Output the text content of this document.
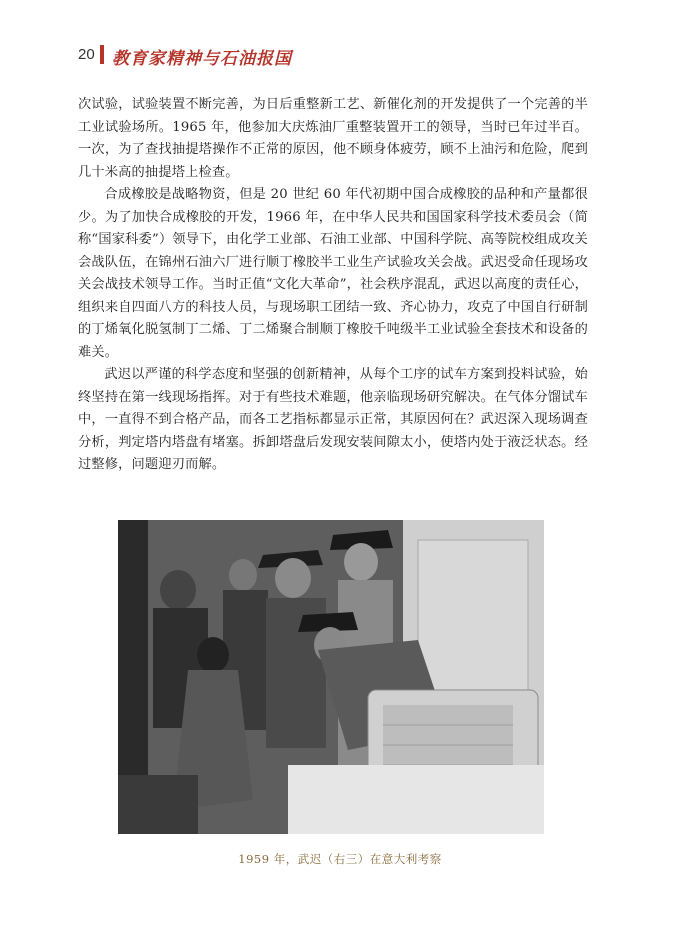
20 教育家精神与石油报国

次试验，试验装置不断完善，为日后重整新工艺、新催化剂的开发提供了一个完善的半工业试验场所。1965 年，他参加大庆炼油厂重整装置开工的领导，当时已年过半百。一次，为了查找抽提塔操作不正常的原因，他不顾身体疲劳，顾不上油污和危险，爬到几十米高的抽提塔上检查。

合成橡胶是战略物资，但是 20 世纪 60 年代初期中国合成橡胶的品种和产量都很少。为了加快合成橡胶的开发，1966 年，在中华人民共和国国家科学技术委员会（简称“国家科委”）领导下，由化学工业部、石油工业部、中国科学院、高等院校组成攻关会战队伍，在锦州石油六厂进行顺丁橡胶半工业生产试验攻关会战。武迟受命任现场攻关会战技术领导工作。当时正值“文化大革命”，社会秩序混乱，武迟以高度的责任心，组织来自四面八方的科技人员，与现场职工团结一致、齐心协力，攻克了中国自行研制的丁烯氧化脱氢制丁二烯、丁二烯聚合制顺丁橡胶千吨级半工业试验全套技术和设备的难关。

武迟以严谨的科学态度和坚强的创新精神，从每个工序的试车方案到投料试验，始终坚持在第一线现场指挥。对于有些技术难题，他亲临现场研究解决。在气体分馏试车中，一直得不到合格产品，而各工艺指标都显示正常，其原因何在？武迟深入现场调查分析，判定塔内塔盘有堵塞。拆卸塔盘后发现安装间隙太小，使塔内处于液泛状态。经过整修，问题迎刃而解。

1959 年，武迟（右三）在意大利考察
